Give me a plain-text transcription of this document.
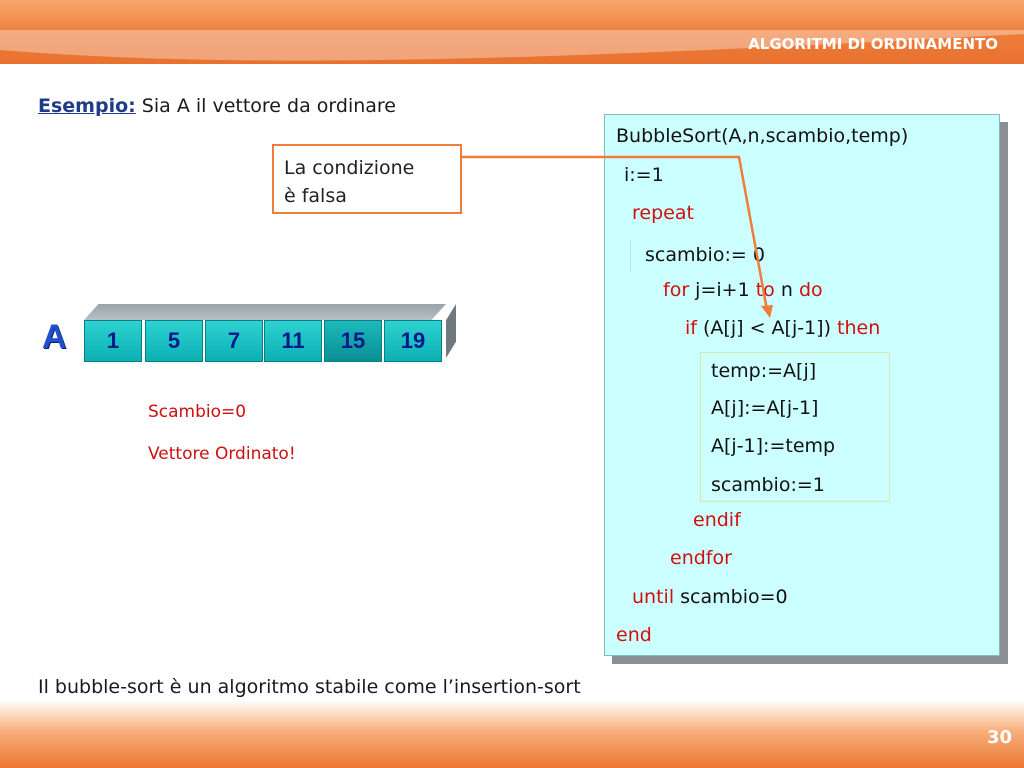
ALGORITMI DI ORDINAMENTO
Esempio: Sia A il vettore da ordinare
La condizione
è falsa
A	1	5	7	11	15	19
Scambio=0
Vettore Ordinato!
BubbleSort(A,n,scambio,temp)
i:=1
repeat
scambio:= 0
for j=i+1 to n do
if (A[j] < A[j-1]) then
temp:=A[j]
A[j]:=A[j-1]
A[j-1]:=temp
scambio:=1
endif
endfor
until scambio=0
end
Il bubble-sort è un algoritmo stabile come l’insertion-sort
30
